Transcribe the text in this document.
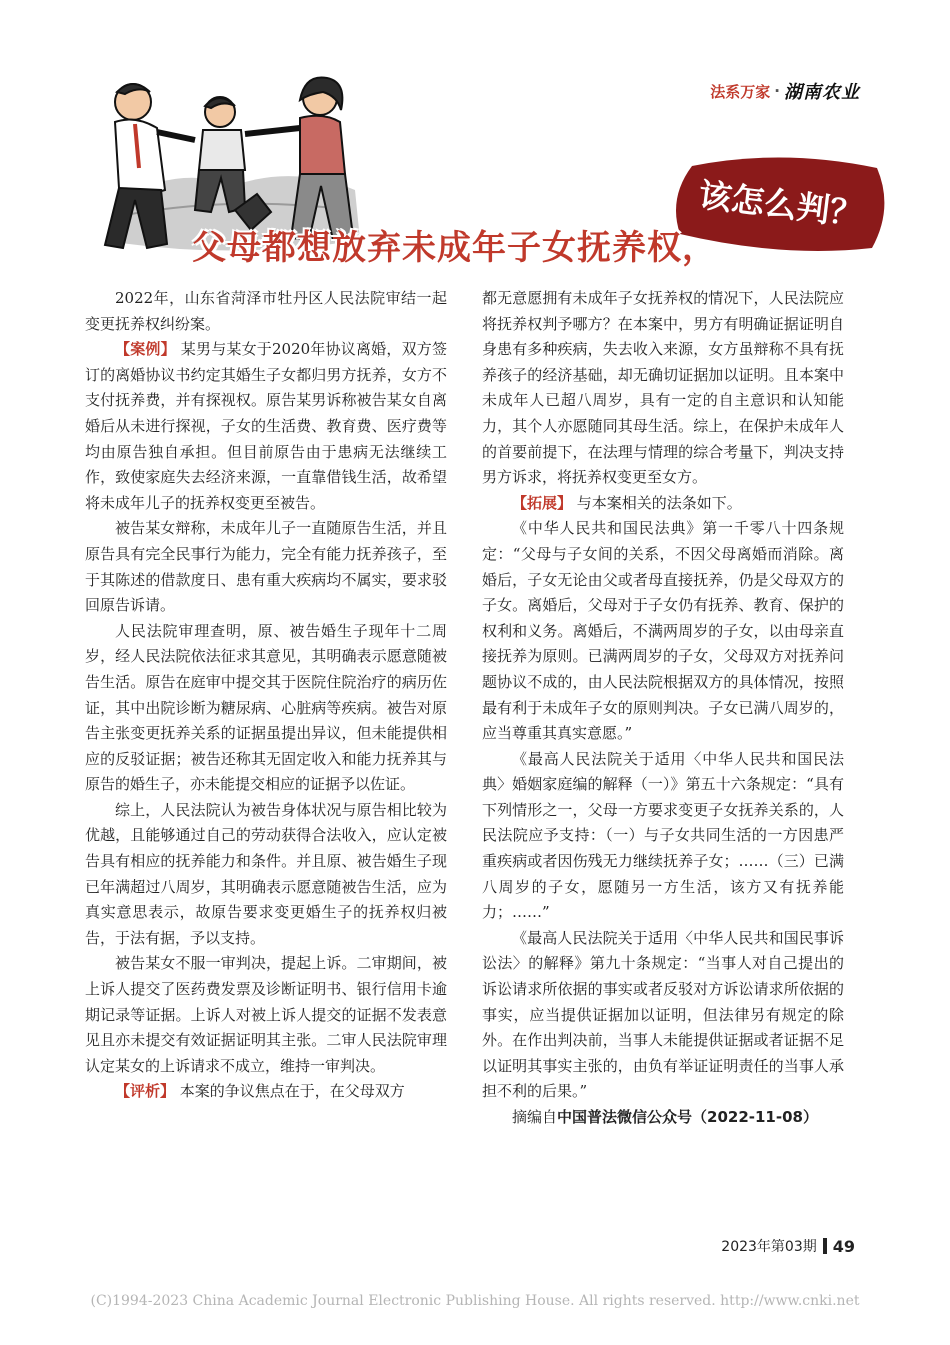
法系万家 · 湖南农业
该怎么判？
父母都想放弃未成年子女抚养权，

2022年，山东省菏泽市牡丹区人民法院审结一起变更抚养权纠纷案。

【案例】 某男与某女于2020年协议离婚，双方签订的离婚协议书约定其婚生子女都归男方抚养，女方不支付抚养费，并有探视权。原告某男诉称被告某女自离婚后从未进行探视，子女的生活费、教育费、医疗费等均由原告独自承担。但目前原告由于患病无法继续工作，致使家庭失去经济来源，一直靠借钱生活，故希望将未成年儿子的抚养权变更至被告。

被告某女辩称，未成年儿子一直随原告生活，并且原告具有完全民事行为能力，完全有能力抚养孩子，至于其陈述的借款度日、患有重大疾病均不属实，要求驳回原告诉请。

人民法院审理查明，原、被告婚生子现年十二周岁，经人民法院依法征求其意见，其明确表示愿意随被告生活。原告在庭审中提交其于医院住院治疗的病历佐证，其中出院诊断为糖尿病、心脏病等疾病。被告对原告主张变更抚养关系的证据虽提出异议，但未能提供相应的反驳证据；被告还称其无固定收入和能力抚养其与原告的婚生子，亦未能提交相应的证据予以佐证。

综上，人民法院认为被告身体状况与原告相比较为优越，且能够通过自己的劳动获得合法收入，应认定被告具有相应的抚养能力和条件。并且原、被告婚生子现已年满超过八周岁，其明确表示愿意随被告生活，应为真实意思表示，故原告要求变更婚生子的抚养权归被告，于法有据，予以支持。

被告某女不服一审判决，提起上诉。二审期间，被上诉人提交了医药费发票及诊断证明书、银行信用卡逾期记录等证据。上诉人对被上诉人提交的证据不发表意见且亦未提交有效证据证明其主张。二审人民法院审理认定某女的上诉请求不成立，维持一审判决。

【评析】 本案的争议焦点在于，在父母双方

都无意愿拥有未成年子女抚养权的情况下，人民法院应将抚养权判予哪方？在本案中，男方有明确证据证明自身患有多种疾病，失去收入来源，女方虽辩称不具有抚养孩子的经济基础，却无确切证据加以证明。且本案中未成年人已超八周岁，具有一定的自主意识和认知能力，其个人亦愿随同其母生活。综上，在保护未成年人的首要前提下，在法理与情理的综合考量下，判决支持男方诉求，将抚养权变更至女方。

【拓展】 与本案相关的法条如下。

《中华人民共和国民法典》第一千零八十四条规定：“父母与子女间的关系，不因父母离婚而消除。离婚后，子女无论由父或者母直接抚养，仍是父母双方的子女。离婚后，父母对于子女仍有抚养、教育、保护的权利和义务。离婚后，不满两周岁的子女，以由母亲直接抚养为原则。已满两周岁的子女，父母双方对抚养问题协议不成的，由人民法院根据双方的具体情况，按照最有利于未成年子女的原则判决。子女已满八周岁的，应当尊重其真实意愿。”

《最高人民法院关于适用〈中华人民共和国民法典〉婚姻家庭编的解释（一）》第五十六条规定：“具有下列情形之一，父母一方要求变更子女抚养关系的，人民法院应予支持：（一）与子女共同生活的一方因患严重疾病或者因伤残无力继续抚养子女；……（三）已满八周岁的子女，愿随另一方生活，该方又有抚养能力；……”

《最高人民法院关于适用〈中华人民共和国民事诉讼法〉的解释》第九十条规定：“当事人对自己提出的诉讼请求所依据的事实或者反驳对方诉讼请求所依据的事实，应当提供证据加以证明，但法律另有规定的除外。在作出判决前，当事人未能提供证据或者证据不足以证明其事实主张的，由负有举证证明责任的当事人承担不利的后果。”

摘编自中国普法微信公众号（2022-11-08）

2023年第03期 49
(C)1994-2023 China Academic Journal Electronic Publishing House. All rights reserved. http://www.cnki.net
